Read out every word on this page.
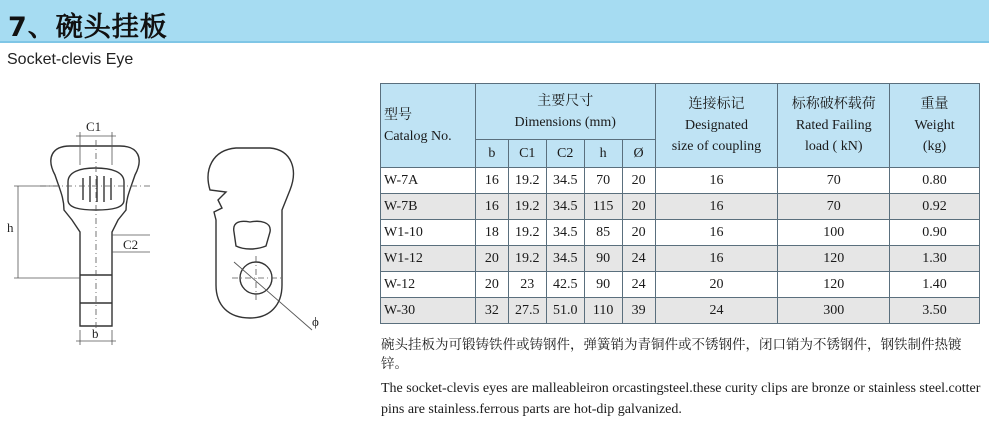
7、碗头挂板
Socket-clevis Eye
C1
C2
h
b
ϕ
型号
Catalog No.	主要尺寸
Dimensions (mm)					连接标记
Designated
size of coupling	标称破杯载荷
Rated Failing
load ( kN)	重量
Weight
(kg)
	b	C1	C2	h	Ø			
W-7A	16	19.2	34.5	70	20	16	70	0.80
W-7B	16	19.2	34.5	115	20	16	70	0.92
W1-10	18	19.2	34.5	85	20	16	100	0.90
W1-12	20	19.2	34.5	90	24	16	120	1.30
W-12	20	23	42.5	90	24	20	120	1.40
W-30	32	27.5	51.0	110	39	24	300	3.50
碗头挂板为可锻铸铁件或铸钢件，弹簧销为青铜件或不锈钢件，闭口销为不锈钢件，钢铁制件热镀锌。
The socket-clevis eyes are malleableiron orcastingsteel.these curity clips are bronze or stainless steel.cotter pins are stainless.ferrous parts are hot-dip galvanized.
